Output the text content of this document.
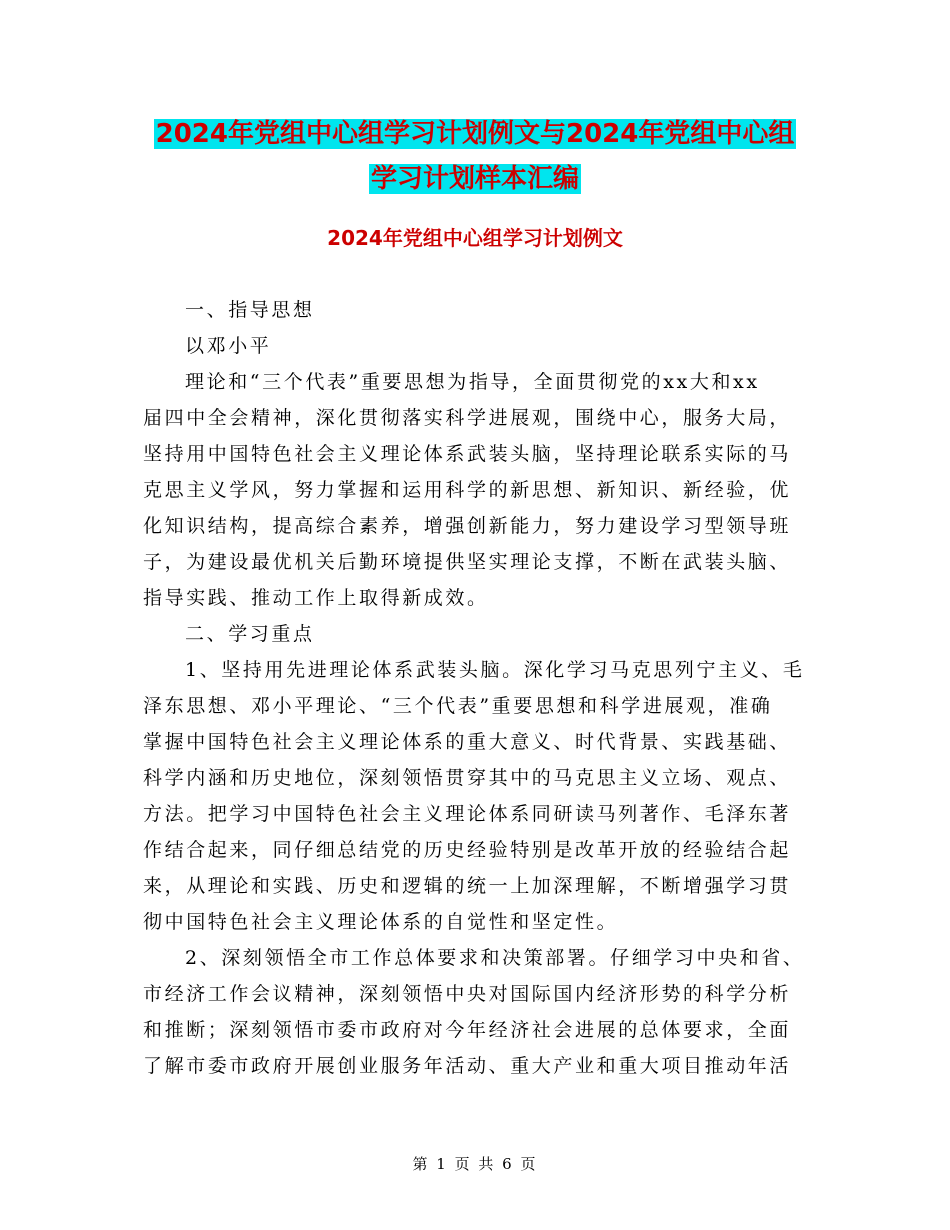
2024年党组中心组学习计划例文与2024年党组中心组
学习计划样本汇编
2024年党组中心组学习计划例文
一、指导思想
以邓小平
理论和“三个代表”重要思想为指导，全面贯彻党的xx大和xx
届四中全会精神，深化贯彻落实科学进展观，围绕中心，服务大局，
坚持用中国特色社会主义理论体系武装头脑，坚持理论联系实际的马
克思主义学风，努力掌握和运用科学的新思想、新知识、新经验，优
化知识结构，提高综合素养，增强创新能力，努力建设学习型领导班
子，为建设最优机关后勤环境提供坚实理论支撑，不断在武装头脑、
指导实践、推动工作上取得新成效。
二、学习重点
1、坚持用先进理论体系武装头脑。深化学习马克思列宁主义、毛
泽东思想、邓小平理论、“三个代表”重要思想和科学进展观，准确
掌握中国特色社会主义理论体系的重大意义、时代背景、实践基础、
科学内涵和历史地位，深刻领悟贯穿其中的马克思主义立场、观点、
方法。把学习中国特色社会主义理论体系同研读马列著作、毛泽东著
作结合起来，同仔细总结党的历史经验特别是改革开放的经验结合起
来，从理论和实践、历史和逻辑的统一上加深理解，不断增强学习贯
彻中国特色社会主义理论体系的自觉性和坚定性。
2、深刻领悟全市工作总体要求和决策部署。仔细学习中央和省、
市经济工作会议精神，深刻领悟中央对国际国内经济形势的科学分析
和推断；深刻领悟市委市政府对今年经济社会进展的总体要求，全面
了解市委市政府开展创业服务年活动、重大产业和重大项目推动年活
第 1 页 共 6 页
